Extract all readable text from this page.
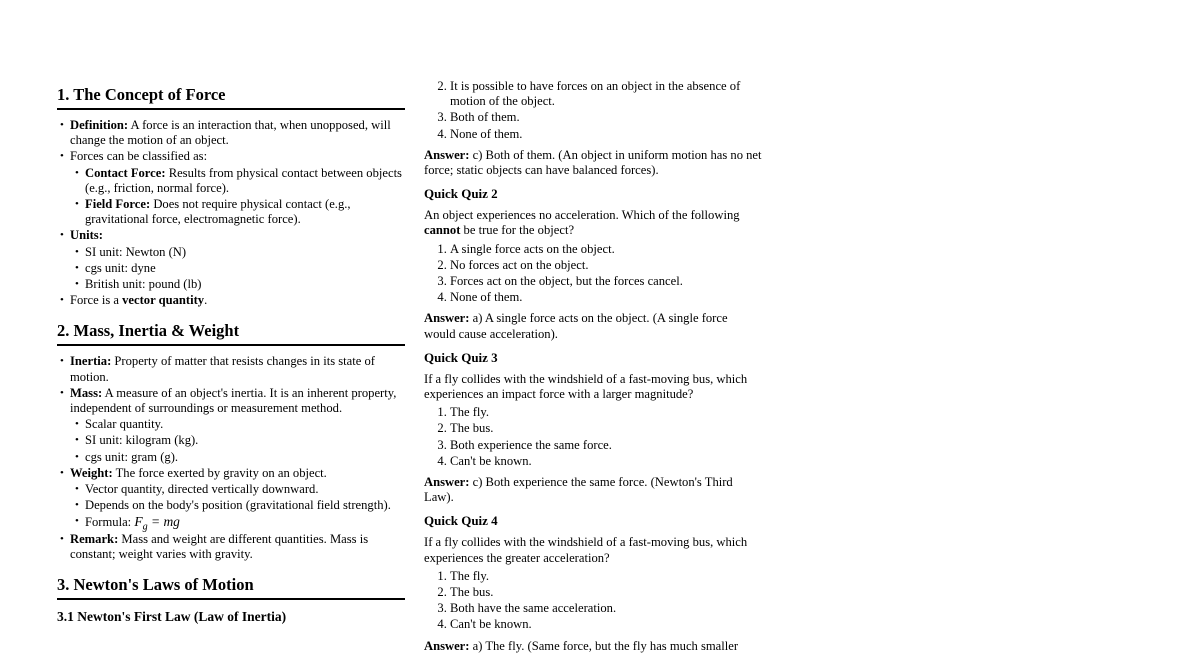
1. The Concept of Force
• Definition: A force is an interaction that, when unopposed, will change the motion of an object.
• Forces can be classified as:
• Contact Force: Results from physical contact between objects (e.g., friction, normal force).
• Field Force: Does not require physical contact (e.g., gravitational force, electromagnetic force).
• Units:
• SI unit: Newton (N)
• cgs unit: dyne
• British unit: pound (lb)
• Force is a vector quantity.
2. Mass, Inertia & Weight
• Inertia: Property of matter that resists changes in its state of motion.
• Mass: A measure of an object's inertia. It is an inherent property, independent of surroundings or measurement method.
• Scalar quantity.
• SI unit: kilogram (kg).
• cgs unit: gram (g).
• Weight: The force exerted by gravity on an object.
• Vector quantity, directed vertically downward.
• Depends on the body's position (gravitational field strength).
• Formula: $F_g$ = mg
• Remark: Mass and weight are different quantities. Mass is constant; weight varies with gravity.
3. Newton's Laws of Motion
3.1 Newton's First Law (Law of Inertia)
2. It is possible to have forces on an object in the absence of motion of the object.
3. Both of them.
4. None of them.

Answer: c) Both of them. (An object in uniform motion has no net force; static objects can have balanced forces).

Quick Quiz 2

An object experiences no acceleration. Which of the following cannot be true for the object?

1. A single force acts on the object.
2. No forces act on the object.
3. Forces act on the object, but the forces cancel.
4. None of them.

Answer: a) A single force acts on the object. (A single force would cause acceleration).

Quick Quiz 3

If a fly collides with the windshield of a fast-moving bus, which experiences an impact force with a larger magnitude?

1. The fly.
2. The bus.
3. Both experience the same force.
4. Can't be known.

Answer: c) Both experience the same force. (Newton's Third Law).

Quick Quiz 4

If a fly collides with the windshield of a fast-moving bus, which experiences the greater acceleration?

1. The fly.
2. The bus.
3. Both have the same acceleration.
4. Can't be known.

Answer: a) The fly. (Same force, but the fly has much smaller
